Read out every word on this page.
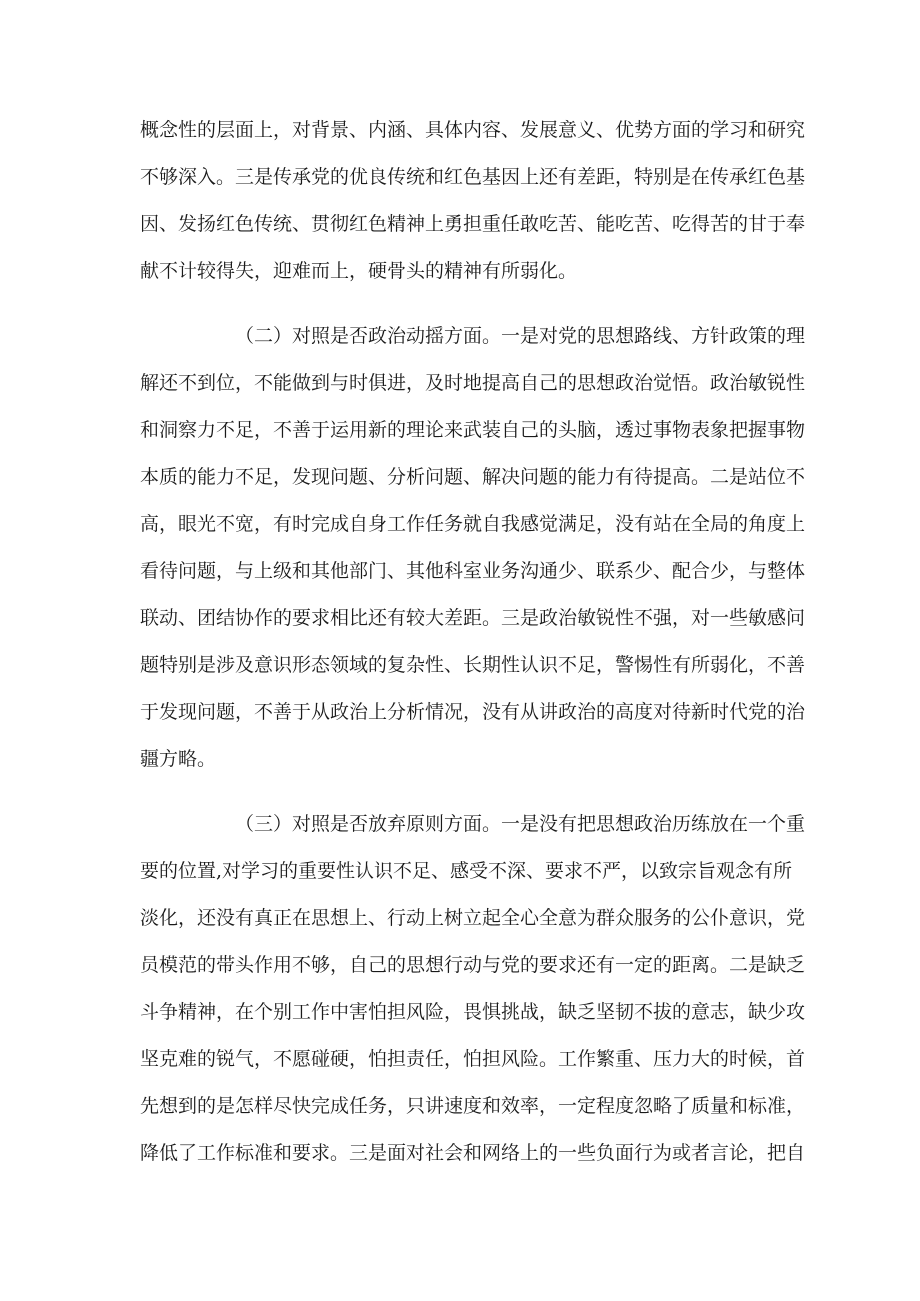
概念性的层面上，对背景、内涵、具体内容、发展意义、优势方面的学习和研究
不够深入。三是传承党的优良传统和红色基因上还有差距，特别是在传承红色基
因、发扬红色传统、贯彻红色精神上勇担重任敢吃苦、能吃苦、吃得苦的甘于奉
献不计较得失，迎难而上，硬骨头的精神有所弱化。
（二）对照是否政治动摇方面。一是对党的思想路线、方针政策的理
解还不到位，不能做到与时俱进，及时地提高自己的思想政治觉悟。政治敏锐性
和洞察力不足，不善于运用新的理论来武装自己的头脑，透过事物表象把握事物
本质的能力不足，发现问题、分析问题、解决问题的能力有待提高。二是站位不
高，眼光不宽，有时完成自身工作任务就自我感觉满足，没有站在全局的角度上
看待问题，与上级和其他部门、其他科室业务沟通少、联系少、配合少，与整体
联动、团结协作的要求相比还有较大差距。三是政治敏锐性不强，对一些敏感问
题特别是涉及意识形态领域的复杂性、长期性认识不足，警惕性有所弱化，不善
于发现问题，不善于从政治上分析情况，没有从讲政治的高度对待新时代党的治
疆方略。
（三）对照是否放弃原则方面。一是没有把思想政治历练放在一个重
要的位置,对学习的重要性认识不足、感受不深、要求不严，以致宗旨观念有所
淡化，还没有真正在思想上、行动上树立起全心全意为群众服务的公仆意识，党
员模范的带头作用不够，自己的思想行动与党的要求还有一定的距离。二是缺乏
斗争精神，在个别工作中害怕担风险，畏惧挑战，缺乏坚韧不拔的意志，缺少攻
坚克难的锐气，不愿碰硬，怕担责任，怕担风险。工作繁重、压力大的时候，首
先想到的是怎样尽快完成任务，只讲速度和效率，一定程度忽略了质量和标准，
降低了工作标准和要求。三是面对社会和网络上的一些负面行为或者言论，把自
